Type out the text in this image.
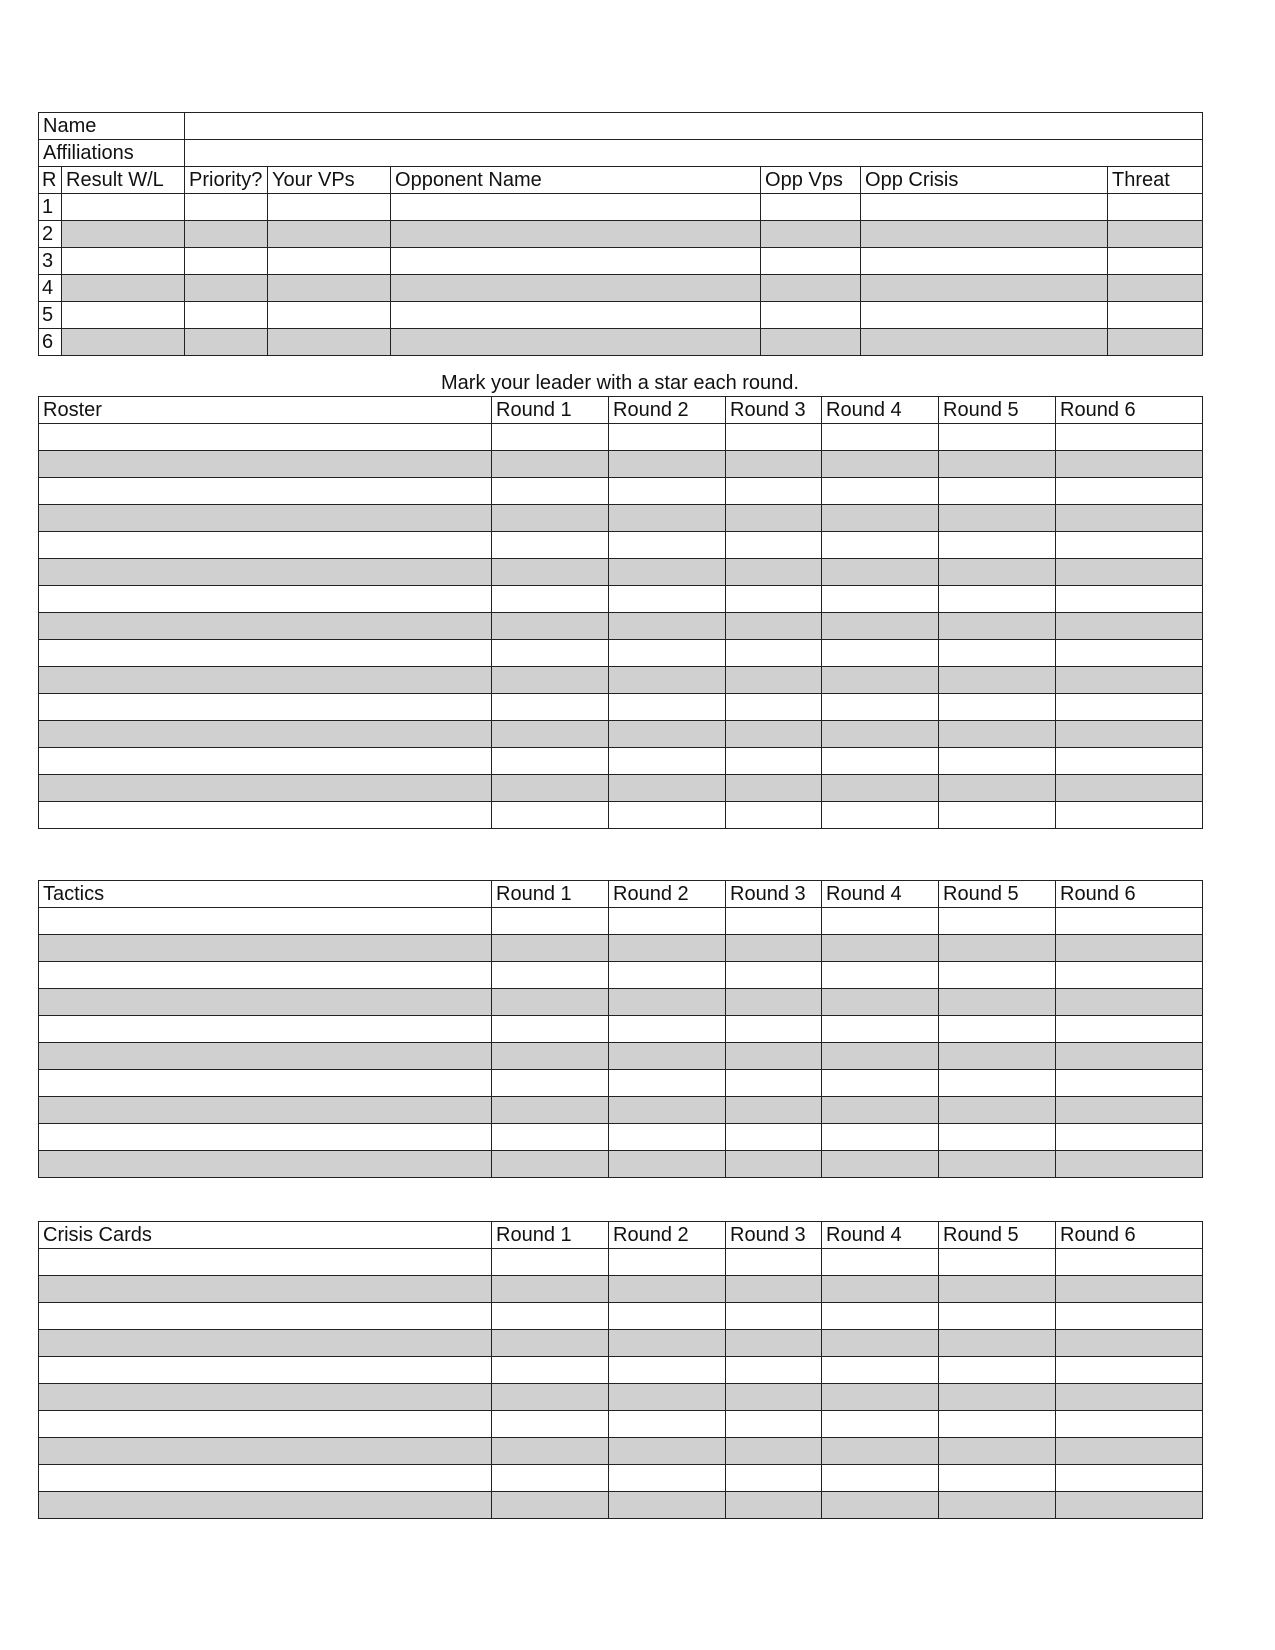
Name							
Affiliations							
R	Result W/L	Priority?	Your VPs	Opponent Name	Opp Vps	Opp Crisis	Threat
1							
2							
3							
4							
5							
6							
Mark your leader with a star each round.
Roster	Round 1	Round 2	Round 3	Round 4	Round 5	Round 6

Tactics	Round 1	Round 2	Round 3	Round 4	Round 5	Round 6

Crisis Cards	Round 1	Round 2	Round 3	Round 4	Round 5	Round 6
